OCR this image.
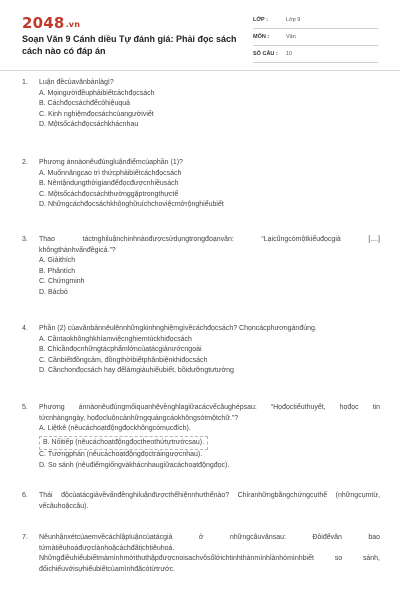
2048.vn
Soạn Văn 9 Cánh diều Tự đánh giá: Phải đọc sách cách nào có đáp án
LỚP :	Lớp 9
MÔN :	Văn
SỐ CÂU :	10
1.	Luận đềcủavănbảnlàgì?
A. Mọingườiđềuphảibiếtcáchđọcsách
B. Cáchđọcsáchđểcóhiệuquả
C. Kinh nghiệmđọcsáchcủangườiviết
D. Mộtsốcáchđọcsáchkhácnhau
2.	Phương ánnàonêuđúngluậnđiểmcủaphần (1)?
A. Muốnnângcao trì thứcphảibiếtcáchđọcsách
B. Nêntậndụngthờigianđểđọcđượcnhiềusách
C. Mộtsốcáchđọcsáchthườnggặptrongthựctế
D. Nhữngcáchđọcsáchkhônghữuíchchoviệcmởrộnghiểubiết
3.	Thao táctnghiluậnchinhnàođượcsửdụngtrongđoạnvăn: “Lạicũngcómộtkiểuđọcgiả [....] khôngthànhvấnđềgicả.”?
A. Giảithích
B. Phântích
C. Chứngminh
D. Bácbỏ
4.	Phần (2) củavănbảnnêulênnhữngkinhnghiệmgìvềcáchđọcsách? Chọncácphươngánđúng.
A. Cầntaokhônghkhíamviệcnghiemtúckhiđọcsách
B. Chỉcầnđọcnhữngtácphẩmlớncủatácgiảnướcngoài
C. Cầnbiếtđồngcảm, đồngthờibiếtphânbiệnkhiđọcsách
D. Cầnchonđọcsách hay đểlàmgiàuhiểubiết, bồidưỡngtưtưởng
5.	Phương ánnàonêuđúngmốiquanhệvềnghlagiữacácvếcâughépsau: “Họđọctiểuthuyết, họđọc tin tứcnhàngngày, họđọcluôncảnhữngquảngcáokhôngsótmộtchữ.”?
A. Liệtkê (nêucáchoạtđộngđọckhôngcómụcđích).
B. Nốitiếp (nêucáchoạtđộngđọctheothứtựtrướcsau).
C. Tươngphản (nêucáchoạtđộngđọctráingượcnhau).
D. So sánh (nêuđiểmgiốngvàkhácnhaugiữacáchoạtđộngđọc).
6.	Thái độcủatácgiảvềvấnđềnghiluậnđượcthểhiệnnhưthếnào? Chỉranhữngbằngchứngcụthể (nhữngcụmtừ, vếcâuhoặccâu).
7.	Nêunhậnxétcủaemvềcáchlậpluậncủatácgiả ở nhữngcâuvănsau: Đôiđểvăn bao tứmàtiêuhoáđượclànhoặcáchđãtịchtiêuhoá. Nhữngđiềuhiểubiếtmàmìnhmớithuthậpđượcnoisachvôsốlớichtinhthànmìnhlànhómìnhbiết so sánh, đốichiếuvớisựhiểubiếtcủamìnhđãcótừtrước.
